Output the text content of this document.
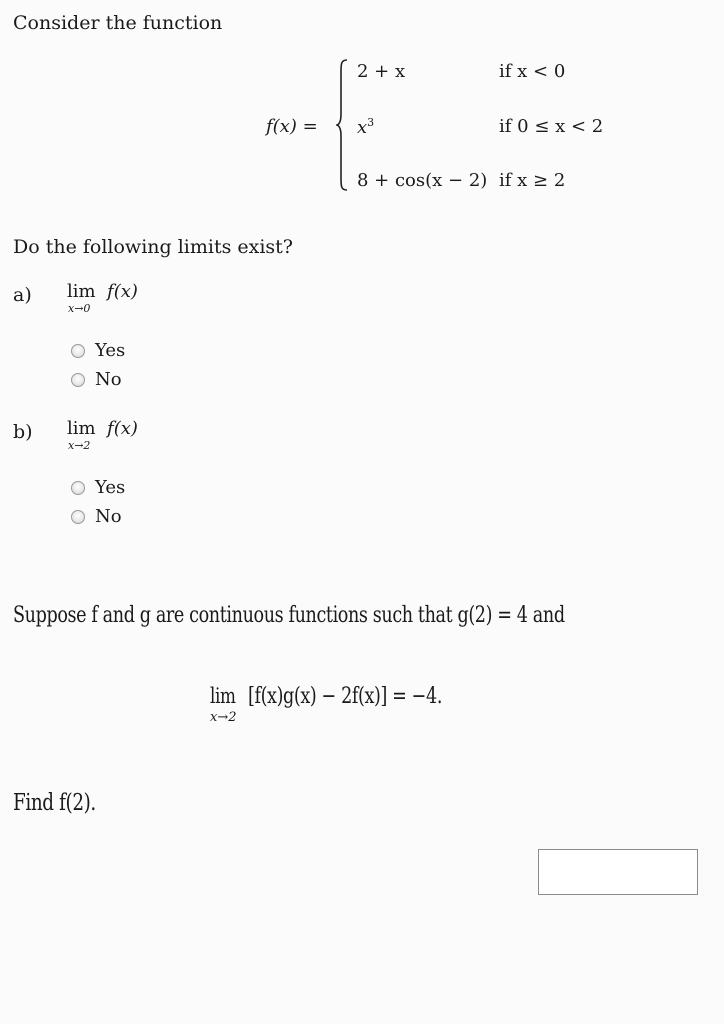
Consider the function
f(x) =
2 + x	if x < 0
$x^3$	if 0 ≤ x < 2
8 + cos(x − 2) if x ≥ 2
Do the following limits exist?
a) lim f(x)
x→0
Yes
No
b) lim f(x)
x→2
Yes
No
Suppose f and g are continuous functions such that g(2) = 4 and
lim
x→2
[f(x)g(x) − 2f(x)] = −4.
Find f(2).
